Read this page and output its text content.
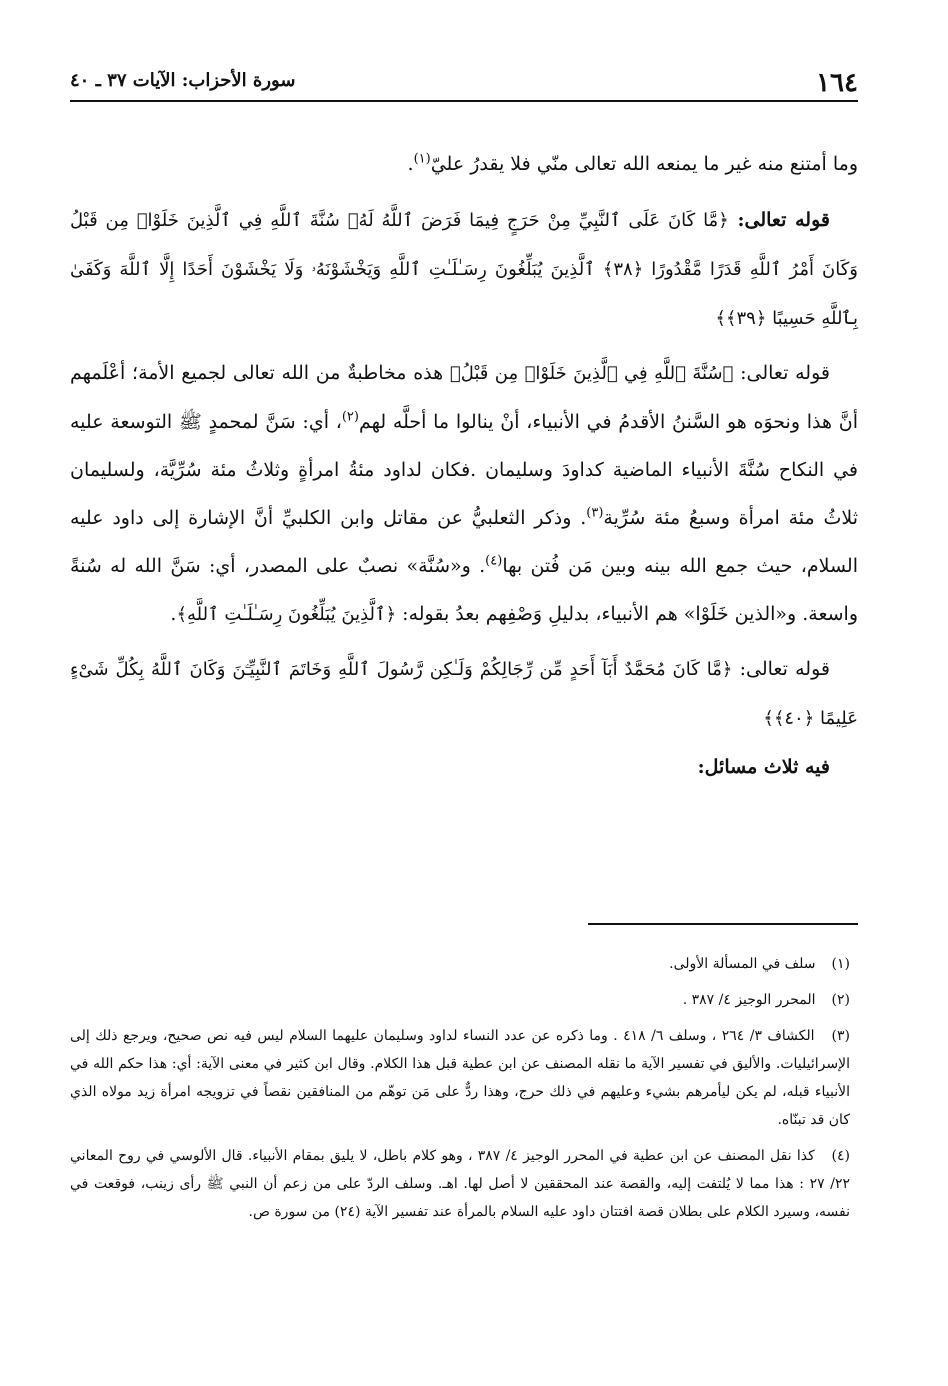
١٦٤
سورة الأحزاب: الآيات ٣٧ ـ ٤٠

وما أمتنع منه غير ما يمنعه الله تعالى منّي فلا يقدرُ عليّ$^{(١)}$.

قوله تعالى: ﴿مَّا كَانَ عَلَى ٱلنَّبِيِّ مِنْ حَرَجٍ فِيمَا فَرَضَ ٱللَّهُ لَهُۥ سُنَّةَ ٱللَّهِ فِي ٱلَّذِينَ خَلَوْا۟ مِن قَبْلُ وَكَانَ أَمْرُ ٱللَّهِ قَدَرًا مَّقْدُورًا ﴿٣٨﴾ ٱلَّذِينَ يُبَلِّغُونَ رِسَـٰلَـٰتِ ٱللَّهِ وَيَخْشَوْنَهُۥ وَلَا يَخْشَوْنَ أَحَدًا إِلَّا ٱللَّهَ وَكَفَىٰ بِٱللَّهِ حَسِيبًا ﴿٣٩﴾﴾

قوله تعالى: ﴿سُنَّةَ ٱللَّهِ فِي ٱلَّذِينَ خَلَوْا۟ مِن قَبْلُ﴾ هذه مخاطبةٌ من الله تعالى لجميع الأمة؛ أعْلَمهم أنَّ هذا ونحوَه هو السَّننُ الأقدمُ في الأنبياء، أنْ ينالوا ما أحلَّه لهم$^{(٢)}$، أي: سَنَّ لمحمدٍ ﷺ التوسعة عليه في النكاح سُنَّةَ الأنبياء الماضية كداودَ وسليمان .فكان لداود مئةُ امرأةٍ وثلاثُ مئة سُرِّيَّة، ولسليمان ثلاثُ مئة امرأة وسبعُ مئة سُرِّية$^{(٣)}$. وذكر الثعلبيُّ عن مقاتل وابن الكلبيِّ أنَّ الإشارة إلى داود عليه السلام، حيث جمع الله بينه وبين مَن فُتن بها$^{(٤)}$. و«سُنَّة» نصبٌ على المصدر، أي: سَنَّ الله له سُنةً واسعة. و«الذين خَلَوْا» هم الأنبياء، بدليلِ وَصْفِهم بعدُ بقوله: ﴿ٱلَّذِينَ يُبَلِّغُونَ رِسَـٰلَـٰتِ ٱللَّهِ﴾.

قوله تعالى: ﴿مَّا كَانَ مُحَمَّدٌ أَبَآ أَحَدٍ مِّن رِّجَالِكُمْ وَلَـٰكِن رَّسُولَ ٱللَّهِ وَخَاتَمَ ٱلنَّبِيِّـۧنَ وَكَانَ ٱللَّهُ بِكُلِّ شَىْءٍ عَلِيمًا ﴿٤٠﴾﴾

فيه ثلاث مسائل:

(١) سلف في المسألة الأولى.

(٢) المحرر الوجيز ٤/ ٣٨٧ .

(٣) الكشاف ٣/ ٢٦٤ ، وسلف ٦/ ٤١٨ . وما ذكره عن عدد النساء لداود وسليمان عليهما السلام ليس فيه نص صحيح، ويرجع ذلك إلى الإسرائيليات. والأليق في تفسير الآية ما نقله المصنف عن ابن عطية قبل هذا الكلام. وقال ابن كثير في معنى الآية: أي: هذا حكم الله في الأنبياء قبله، لم يكن ليأمرهم بشيء وعليهم في ذلك حرج، وهذا ردٌّ على مَن توهّم من المنافقين نقصاً في تزويجه امرأة زيد مولاه الذي كان قد تبنّاه.

(٤) كذا نقل المصنف عن ابن عطية في المحرر الوجيز ٤/ ٣٨٧ ، وهو كلام باطل، لا يليق بمقام الأنبياء. قال الألوسي في روح المعاني ٢٢/ ٢٧ : هذا مما لا يُلتفت إليه، والقصة عند المحققين لا أصل لها. اهـ. وسلف الردّ على من زعم أن النبي ﷺ رأى زينب، فوقعت في نفسه، وسيرد الكلام على بطلان قصة افتتان داود عليه السلام بالمرأة عند تفسير الآية (٢٤) من سورة ص.
